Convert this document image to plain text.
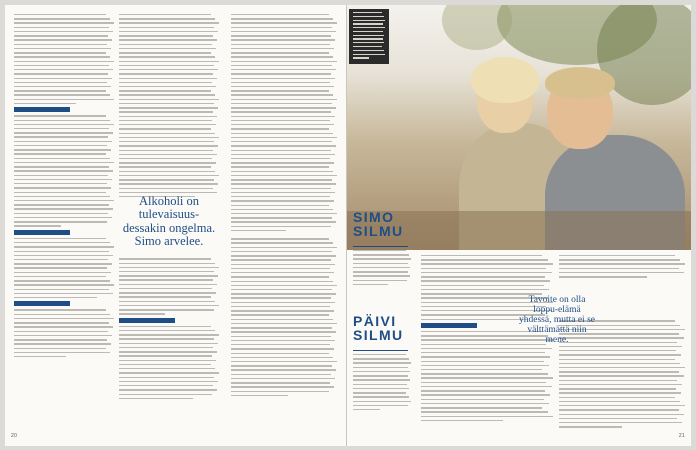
Alkoholi on tulevaisuus-dessakin ongelma. Simo arvelee.
20
SIMO SILMU
PÄIVI SILMU
Tavoite on olla loppu-elämä yhdessä, mutta ei se välttämättä niin mene.
21
